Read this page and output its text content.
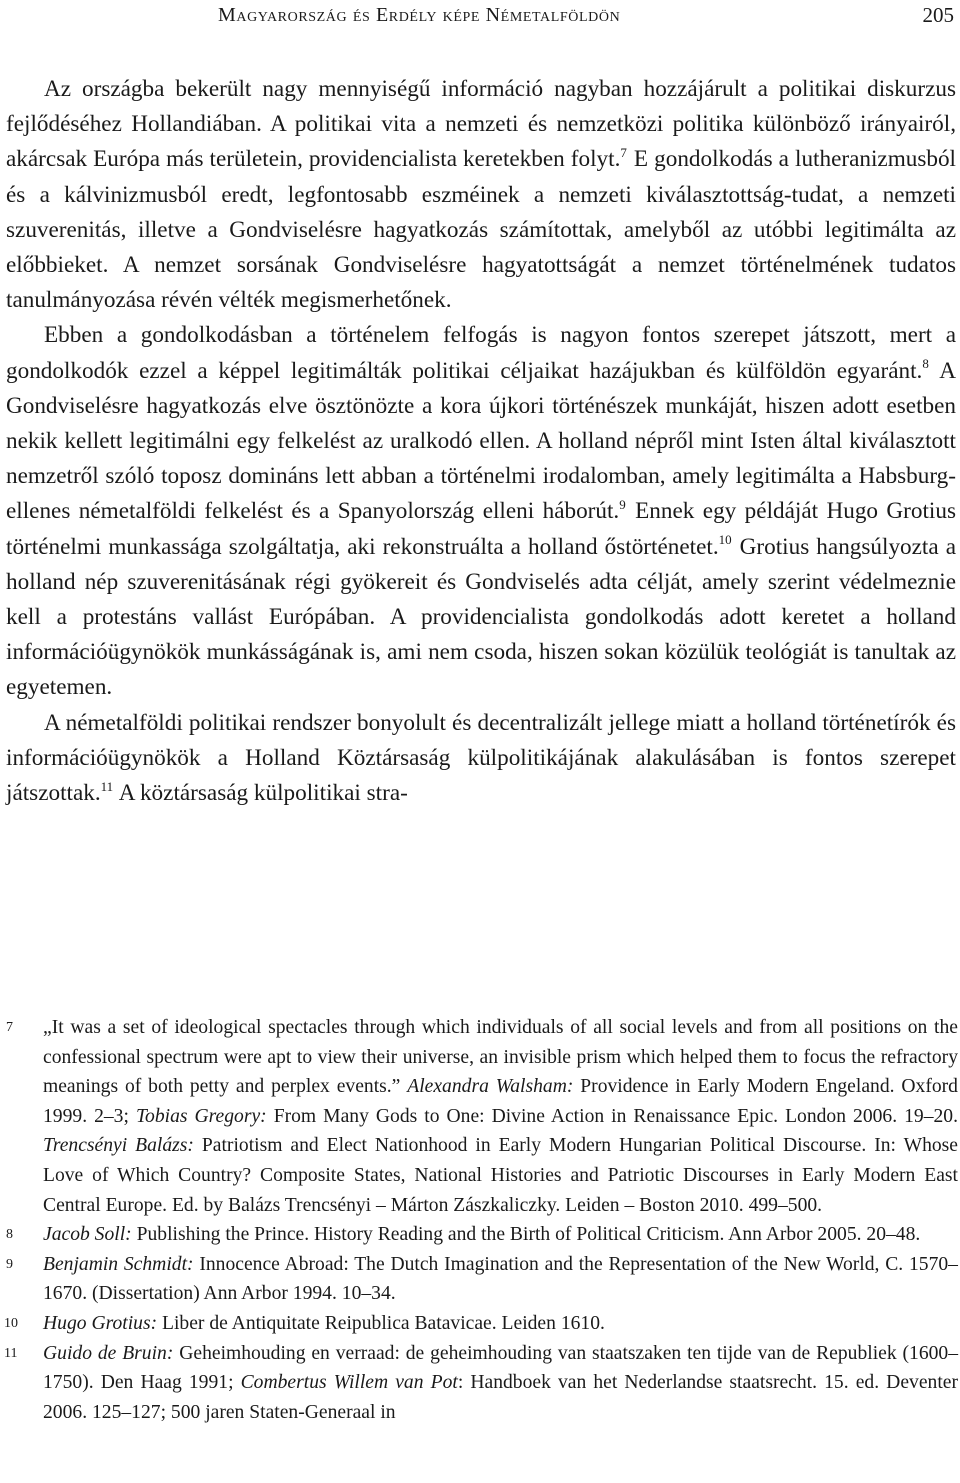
Magyarország és Erdély képe Németalföldön	205

Az országba bekerült nagy mennyiségű információ nagyban hozzájárult a politikai diskurzus fejlődéséhez Hollandiában. A politikai vita a nemzeti és nemzetközi politika különböző irányairól, akárcsak Európa más területein, providencialista keretekben folyt.$^7$ E gondolkodás a lutheranizmusból és a kálvinizmusból eredt, legfontosabb eszméinek a nemzeti kiválasztottság-tudat, a nemzeti szuverenitás, illetve a Gondviselésre hagyatkozás számítottak, amelyből az utóbbi legitimálta az előbbieket. A nemzet sorsának Gondviselésre hagyatottságát a nemzet történelmének tudatos tanulmányozása révén vélték megismerhetőnek.

Ebben a gondolkodásban a történelem felfogás is nagyon fontos szerepet játszott, mert a gondolkodók ezzel a képpel legitimálták politikai céljaikat hazájukban és külföldön egyaránt.$^8$ A Gondviselésre hagyatkozás elve ösztönözte a kora újkori történészek munkáját, hiszen adott esetben nekik kellett legitimálni egy felkelést az uralkodó ellen. A holland népről mint Isten által kiválasztott nemzetről szóló toposz domináns lett abban a történelmi irodalomban, amely legitimálta a Habsburg-ellenes németalföldi felkelést és a Spanyolország elleni háborút.$^9$ Ennek egy példáját Hugo Grotius történelmi munkassága szolgáltatja, aki rekonstruálta a holland őstörténetet.$^{10}$ Grotius hangsúlyozta a holland nép szuverenitásának régi gyökereit és Gondviselés adta célját, amely szerint védelmeznie kell a protestáns vallást Európában. A providencialista gondolkodás adott keretet a holland információügynökök munkásságának is, ami nem csoda, hiszen sokan közülük teológiát is tanultak az egyetemen.

A németalföldi politikai rendszer bonyolult és decentralizált jellege miatt a holland történetírók és információügynökök a Holland Köztársaság külpolitikájának alakulásában is fontos szerepet játszottak.$^{11}$ A köztársaság külpolitikai stra-

7 „It was a set of ideological spectacles through which individuals of all social levels and from all positions on the confessional spectrum were apt to view their universe, an invisible prism which helped them to focus the refractory meanings of both petty and perplex events.” Alexandra Walsham: Providence in Early Modern Engeland. Oxford 1999. 2–3; Tobias Gregory: From Many Gods to One: Divine Action in Renaissance Epic. London 2006. 19–20. Trencsényi Balázs: Patriotism and Elect Nationhood in Early Modern Hungarian Political Discourse. In: Whose Love of Which Country? Composite States, National Histories and Patriotic Discourses in Early Modern East Central Europe. Ed. by Balázs Trencsényi – Márton Zászkaliczky. Leiden – Boston 2010. 499–500.
8 Jacob Soll: Publishing the Prince. History Reading and the Birth of Political Criticism. Ann Arbor 2005. 20–48.
9 Benjamin Schmidt: Innocence Abroad: The Dutch Imagination and the Representation of the New World, C. 1570–1670. (Dissertation) Ann Arbor 1994. 10–34.
10 Hugo Grotius: Liber de Antiquitate Reipublica Batavicae. Leiden 1610.
11 Guido de Bruin: Geheimhouding en verraad: de geheimhouding van staatszaken ten tijde van de Republiek (1600–1750). Den Haag 1991; Combertus Willem van Pot: Handboek van het Nederlandse staatsrecht. 15. ed. Deventer 2006. 125–127; 500 jaren Staten-Generaal in
